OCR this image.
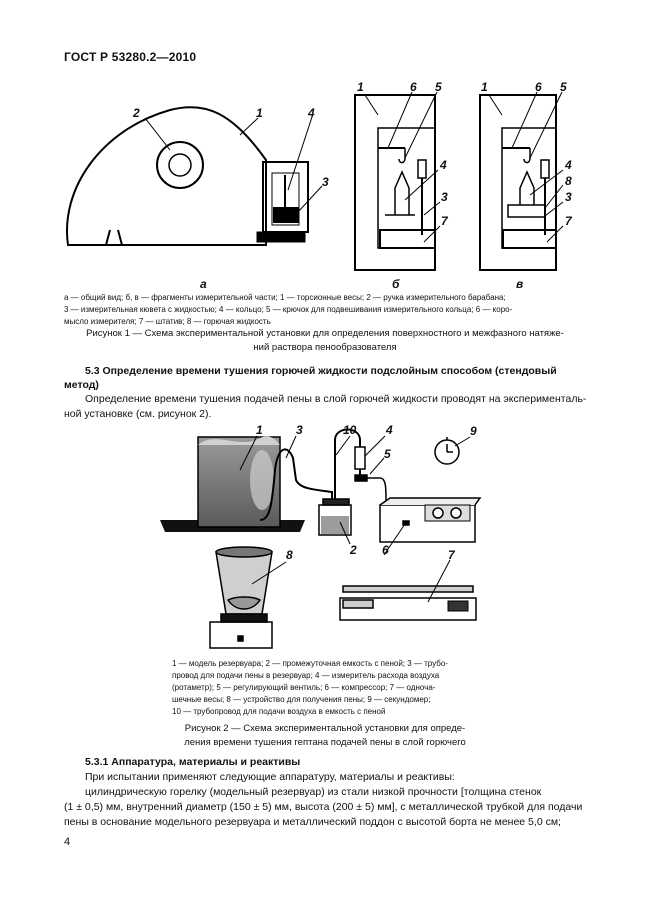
ГОСТ Р 53280.2—2010
2	1	4
3
1	6 5
4
3
7
1	6 5
4
8
3
7
а	б	в
а — общий вид; б, в — фрагменты измерительной части; 1 — торсионные весы; 2 — ручка измерительного барабана;
3 — измерительная кювета с жидкостью; 4 — кольцо; 5 — крючок для подвешивания измерительного кольца; 6 — коро-
мысло измерителя; 7 — штатив; 8 — горючая жидкость
Рисунок 1 — Схема экспериментальной установки для определения поверхностного и межфазного натяже-
ний раствора пенообразователя
5.3 Определение времени тушения горючей жидкости подслойным способом (стендовый
метод)
Определение времени тушения подачей пены в слой горючей жидкости проводят на эксперименталь-
ной установке (см. рисунок 2).
1	3	10 4	9
5
2 6
8	7
1 — модель резервуара; 2 — промежуточная емкость с пеной; 3 — трубо-
провод для подачи пены в резервуар; 4 — измеритель расхода воздуха
(ротаметр); 5 — регулирующий вентиль; 6 — компрессор; 7 — одноча-
шечные весы; 8 — устройство для получения пены; 9 — секундомер;
10 — трубопровод для подачи воздуха в емкость с пеной
Рисунок 2 — Схема экспериментальной установки для опреде-
ления времени тушения гептана подачей пены в слой горючего
5.3.1 Аппаратура, материалы и реактивы
При испытании применяют следующие аппаратуру, материалы и реактивы:
цилиндрическую горелку (модельный резервуар) из стали низкой прочности [толщина стенок
(1 ± 0,5) мм, внутренний диаметр (150 ± 5) мм, высота (200 ± 5) мм], с металлической трубкой для подачи
пены в основание модельного резервуара и металлический поддон с высотой борта не менее 5,0 см;
4
